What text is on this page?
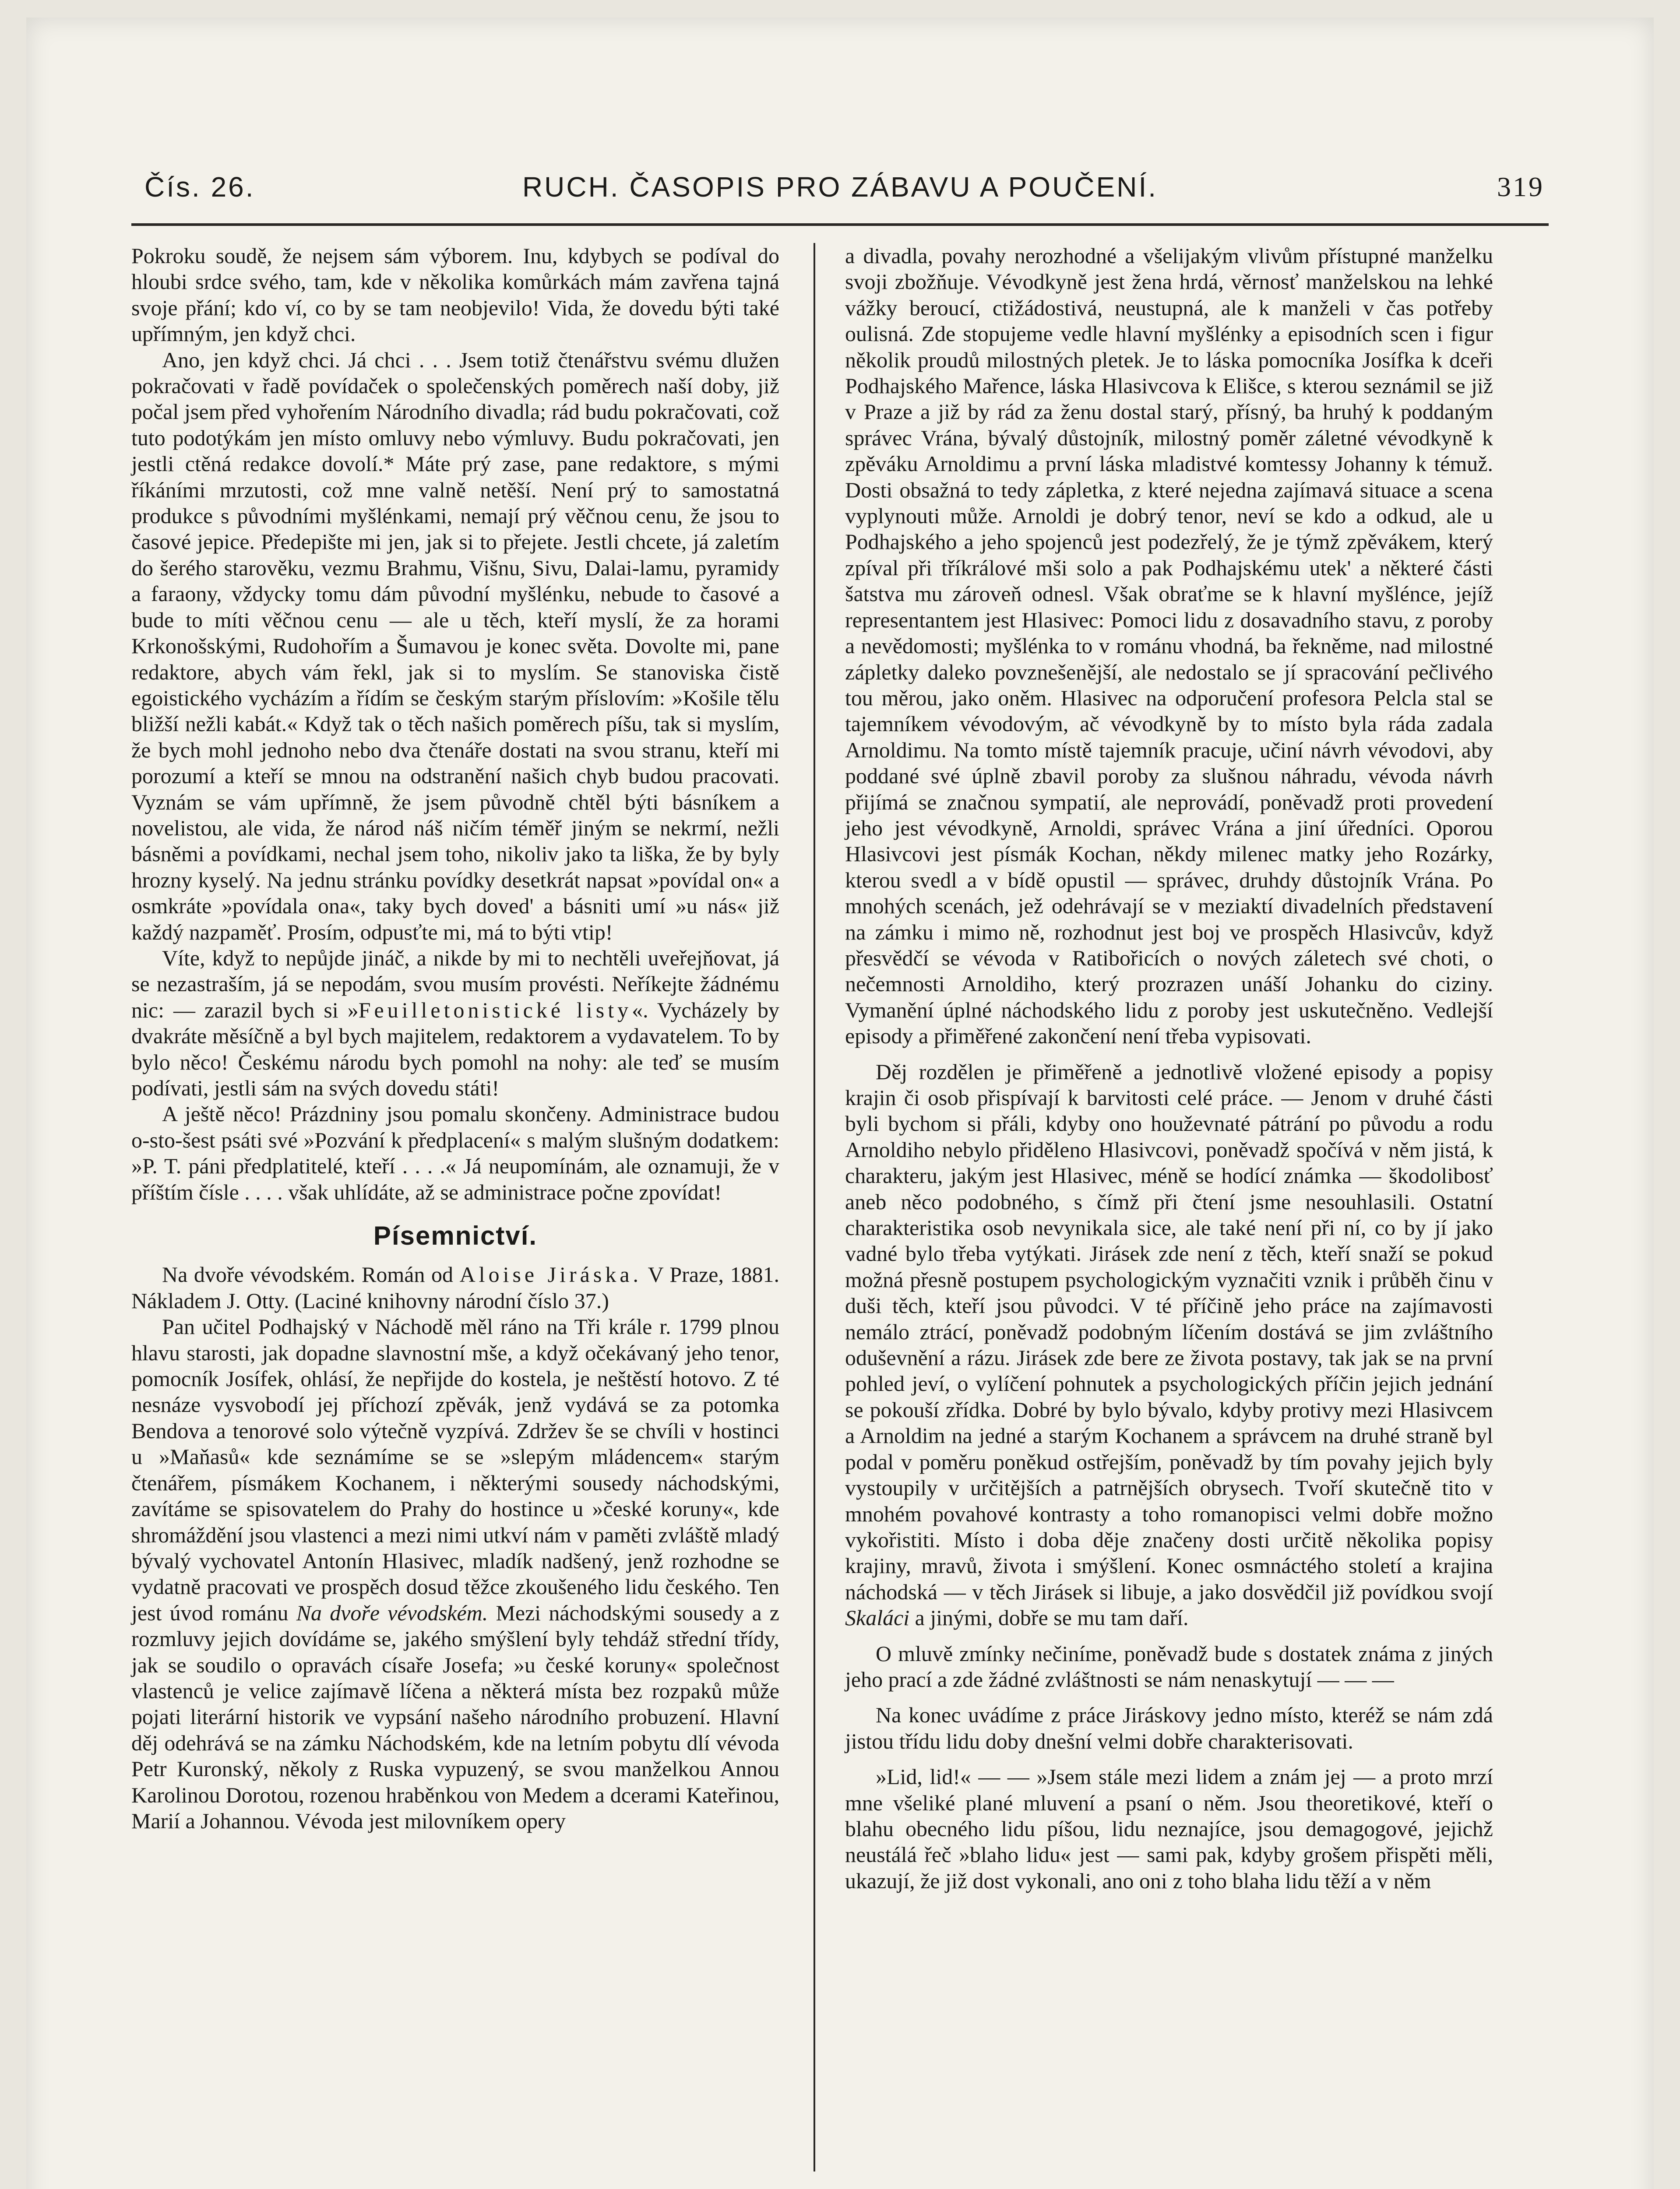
Čís. 26.	RUCH. ČASOPIS PRO ZÁBAVU A POUČENÍ.	319

Pokroku soudě, že nejsem sám výborem. Inu, kdybych se podíval do hloubi srdce svého, tam, kde v několika komůrkách mám zavřena tajná svoje přání; kdo ví, co by se tam neobjevilo! Vida, že dovedu býti také upřímným, jen když chci.

Ano, jen když chci. Já chci . . . Jsem totiž čtenářstvu svému dlužen pokračovati v řadě povídaček o společenských poměrech naší doby, již počal jsem před vyhořením Národního divadla; rád budu pokračovati, což tuto podotýkám jen místo omluvy nebo výmluvy. Budu pokračovati, jen jestli ctěná redakce dovolí.* Máte prý zase, pane redaktore, s mými říkáními mrzutosti, což mne valně netěší. Není prý to samostatná produkce s původními myšlénkami, nemají prý věčnou cenu, že jsou to časové jepice. Předepište mi jen, jak si to přejete. Jestli chcete, já zaletím do šerého starověku, vezmu Brahmu, Višnu, Sivu, Dalai-lamu, pyramidy a faraony, vždycky tomu dám původní myšlénku, nebude to časové a bude to míti věčnou cenu — ale u těch, kteří myslí, že za horami Krkonošskými, Rudohořím a Šumavou je konec světa. Dovolte mi, pane redaktore, abych vám řekl, jak si to myslím. Se stanoviska čistě egoistického vycházím a řídím se českým starým příslovím: »Košile tělu bližší nežli kabát.« Když tak o těch našich poměrech píšu, tak si myslím, že bych mohl jednoho nebo dva čtenáře dostati na svou stranu, kteří mi porozumí a kteří se mnou na odstranění našich chyb budou pracovati. Vyznám se vám upřímně, že jsem původně chtěl býti básníkem a novelistou, ale vida, že národ náš ničím téměř jiným se nekrmí, nežli básněmi a povídkami, nechal jsem toho, nikoliv jako ta liška, že by byly hrozny kyselý. Na jednu stránku povídky desetkrát napsat »povídal on« a osmkráte »povídala ona«, taky bych doved' a básniti umí »u nás« již každý nazpaměť. Prosím, odpusťte mi, má to býti vtip!

Víte, když to nepůjde jináč, a nikde by mi to nechtěli uveřejňovat, já se nezastraším, já se nepodám, svou musím provésti. Neříkejte žádnému nic: — zarazil bych si »Feuilletonistické listy«. Vycházely by dvakráte měsíčně a byl bych majitelem, redaktorem a vydavatelem. To by bylo něco! Českému národu bych pomohl na nohy: ale teď se musím podívati, jestli sám na svých dovedu státi!

A ještě něco! Prázdniny jsou pomalu skončeny. Administrace budou o-sto-šest psáti své »Pozvání k předplacení« s malým slušným dodatkem: »P. T. páni předplatitelé, kteří . . . .« Já neupomínám, ale oznamuji, že v příštím čísle . . . . však uhlídáte, až se administrace počne zpovídat!

Písemnictví.

Na dvoře vévodském. Román od Aloise Jiráska. V Praze, 1881. Nákladem J. Otty. (Laciné knihovny národní číslo 37.)

Pan učitel Podhajský v Náchodě měl ráno na Tři krále r. 1799 plnou hlavu starosti, jak dopadne slavnostní mše, a když očekávaný jeho tenor, pomocník Josífek, ohlásí, že nepřijde do kostela, je neštěstí hotovo. Z té nesnáze vysvobodí jej příchozí zpěvák, jenž vydává se za potomka Bendova a tenorové solo výtečně vyzpívá. Zdržev še se chvíli v hostinci u »Maňasů« kde seznámíme se se »slepým mládencem« starým čtenářem, písmákem Kochanem, i některými sousedy náchodskými, zavítáme se spisovatelem do Prahy do hostince u »české koruny«, kde shromáždění jsou vlastenci a mezi nimi utkví nám v paměti zvláště mladý bývalý vychovatel Antonín Hlasivec, mladík nadšený, jenž rozhodne se vydatně pracovati ve prospěch dosud těžce zkoušeného lidu českého. Ten jest úvod románu Na dvoře vévodském. Mezi náchodskými sousedy a z rozmluvy jejich dovídáme se, jakého smýšlení byly tehdáž střední třídy, jak se soudilo o opravách císaře Josefa; »u české koruny« společnost vlastenců je velice zajímavě líčena a některá místa bez rozpaků může pojati literární historik ve vypsání našeho národního probuzení. Hlavní děj odehrává se na zámku Náchodském, kde na letním pobytu dlí vévoda Petr Kuronský, několy z Ruska vypuzený, se svou manželkou Annou Karolinou Dorotou, rozenou hraběnkou von Medem a dcerami Kateřinou, Marií a Johannou. Vévoda jest milovníkem opery

a divadla, povahy nerozhodné a všelijakým vlivům přístupné manželku svoji zbožňuje. Vévodkyně jest žena hrdá, věrnosť manželskou na lehké vážky beroucí, ctižádostivá, neustupná, ale k manželi v čas potřeby oulisná. Zde stopujeme vedle hlavní myšlénky a episodních scen i figur několik proudů milostných pletek. Je to láska pomocníka Josífka k dceři Podhajského Mařence, láska Hlasivcova k Elišce, s kterou seznámil se již v Praze a již by rád za ženu dostal starý, přísný, ba hruhý k poddaným správec Vrána, bývalý důstojník, milostný poměr záletné vévodkyně k zpěváku Arnoldimu a první láska mladistvé komtessy Johanny k témuž. Dosti obsažná to tedy zápletka, z které nejedna zajímavá situace a scena vyplynouti může. Arnoldi je dobrý tenor, neví se kdo a odkud, ale u Podhajského a jeho spojenců jest podezřelý, že je týmž zpěvákem, který zpíval při tříkrálové mši solo a pak Podhajskému utek' a některé části šatstva mu zároveň odnesl. Však obraťme se k hlavní myšlénce, jejíž representantem jest Hlasivec: Pomoci lidu z dosavadního stavu, z poroby a nevědomosti; myšlénka to v románu vhodná, ba řekněme, nad milostné zápletky daleko povznešenější, ale nedostalo se jí spracování pečlivého tou měrou, jako oněm. Hlasivec na odporučení profesora Pelcla stal se tajemníkem vévodovým, ač vévodkyně by to místo byla ráda zadala Arnoldimu. Na tomto místě tajemník pracuje, učiní návrh vévodovi, aby poddané své úplně zbavil poroby za slušnou náhradu, vévoda návrh přijímá se značnou sympatií, ale neprovádí, poněvadž proti provedení jeho jest vévodkyně, Arnoldi, správec Vrána a jiní úředníci. Oporou Hlasivcovi jest písmák Kochan, někdy milenec matky jeho Rozárky, kterou svedl a v bídě opustil — správec, druhdy důstojník Vrána. Po mnohých scenách, jež odehrávají se v meziaktí divadelních představení na zámku i mimo ně, rozhodnut jest boj ve prospěch Hlasivcův, když přesvědčí se vévoda v Ratibořicích o nových záletech své choti, o nečemnosti Arnoldiho, který prozrazen unáší Johanku do ciziny. Vymanění úplné náchodského lidu z poroby jest uskutečněno. Vedlejší episody a přiměřené zakončení není třeba vypisovati.

Děj rozdělen je přiměřeně a jednotlivě vložené episody a popisy krajin či osob přispívají k barvitosti celé práce. — Jenom v druhé části byli bychom si přáli, kdyby ono houževnaté pátrání po původu a rodu Arnoldiho nebylo přiděleno Hlasivcovi, poněvadž spočívá v něm jistá, k charakteru, jakým jest Hlasivec, méně se hodící známka — škodolibosť aneb něco podobného, s čímž při čtení jsme nesouhlasili. Ostatní charakteristika osob nevynikala sice, ale také není při ní, co by jí jako vadné bylo třeba vytýkati. Jirásek zde není z těch, kteří snaží se pokud možná přesně postupem psychologickým vyznačiti vznik i průběh činu v duši těch, kteří jsou původci. V té příčině jeho práce na zajímavosti nemálo ztrácí, poněvadž podobným líčením dostává se jim zvláštního oduševnění a rázu. Jirásek zde bere ze života postavy, tak jak se na první pohled jeví, o vylíčení pohnutek a psychologických příčin jejich jednání se pokouší zřídka. Dobré by bylo bývalo, kdyby protivy mezi Hlasivcem a Arnoldim na jedné a starým Kochanem a správcem na druhé straně byl podal v poměru poněkud ostřejším, poněvadž by tím povahy jejich byly vystoupily v určitějších a patrnějších obrysech. Tvoří skutečně tito v mnohém povahové kontrasty a toho romanopisci velmi dobře možno vykořistiti. Místo i doba děje značeny dosti určitě několika popisy krajiny, mravů, života i smýšlení. Konec osmnáctého století a krajina náchodská — v těch Jirásek si libuje, a jako dosvědčil již povídkou svojí Skaláci a jinými, dobře se mu tam daří.

O mluvě zmínky nečiníme, poněvadž bude s dostatek známa z jiných jeho prací a zde žádné zvláštnosti se nám nenaskytují — — —

Na konec uvádíme z práce Jiráskovy jedno místo, kteréž se nám zdá jistou třídu lidu doby dnešní velmi dobře charakterisovati.

»Lid, lid!« — — »Jsem stále mezi lidem a znám jej — a proto mrzí mne všeliké plané mluvení a psaní o něm. Jsou theoretikové, kteří o blahu obecného lidu píšou, lidu neznajíce, jsou demagogové, jejichž neustálá řeč »blaho lidu« jest — sami pak, kdyby grošem přispěti měli, ukazují, že již dost vykonali, ano oni z toho blaha lidu těží a v něm
